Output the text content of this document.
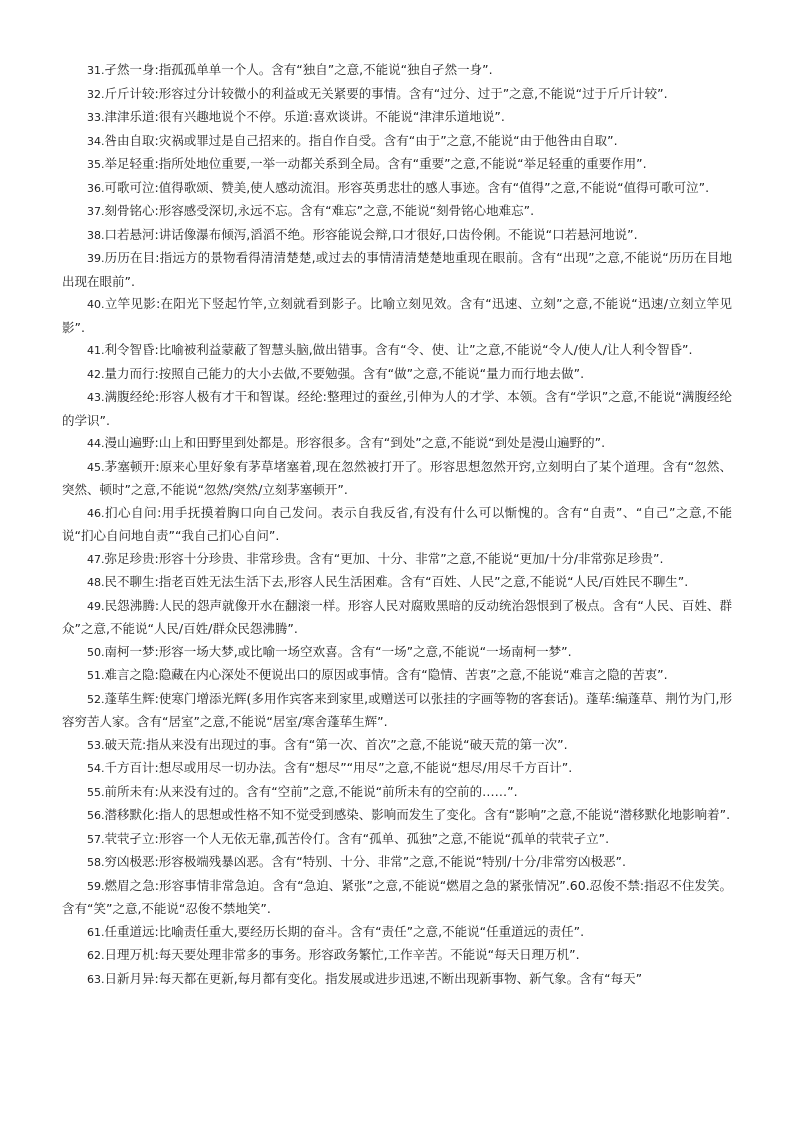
31.孑然一身:指孤孤单单一个人。含有“独自”之意,不能说“独自孑然一身”.

32.斤斤计较:形容过分计较微小的利益或无关紧要的事情。含有“过分、过于”之意,不能说“过于斤斤计较”.

33.津津乐道:很有兴趣地说个不停。乐道:喜欢谈讲。不能说“津津乐道地说”.

34.咎由自取:灾祸或罪过是自己招来的。指自作自受。含有“由于”之意,不能说“由于他咎由自取”.

35.举足轻重:指所处地位重要,一举一动都关系到全局。含有“重要”之意,不能说“举足轻重的重要作用”.

36.可歌可泣:值得歌颂、赞美,使人感动流泪。形容英勇悲壮的感人事迹。含有“值得”之意,不能说“值得可歌可泣”.

37.刻骨铭心:形容感受深切,永远不忘。含有“难忘”之意,不能说“刻骨铭心地难忘”.

38.口若悬河:讲话像瀑布倾泻,滔滔不绝。形容能说会辩,口才很好,口齿伶俐。不能说“口若悬河地说”.

39.历历在目:指远方的景物看得清清楚楚,或过去的事情清清楚楚地重现在眼前。含有“出现”之意,不能说“历历在目地出现在眼前”.

40.立竿见影:在阳光下竖起竹竿,立刻就看到影子。比喻立刻见效。含有“迅速、立刻”之意,不能说“迅速/立刻立竿见影”.

41.利令智昏:比喻被利益蒙蔽了智慧头脑,做出错事。含有“令、使、让”之意,不能说“令人/使人/让人利令智昏”.

42.量力而行:按照自己能力的大小去做,不要勉强。含有“做”之意,不能说“量力而行地去做”.

43.满腹经纶:形容人极有才干和智谋。经纶:整理过的蚕丝,引伸为人的才学、本领。含有“学识”之意,不能说“满腹经纶的学识”.

44.漫山遍野:山上和田野里到处都是。形容很多。含有“到处”之意,不能说“到处是漫山遍野的”.

45.茅塞顿开:原来心里好象有茅草堵塞着,现在忽然被打开了。形容思想忽然开窍,立刻明白了某个道理。含有“忽然、突然、顿时”之意,不能说“忽然/突然/立刻茅塞顿开”.

46.扪心自问:用手抚摸着胸口向自己发问。表示自我反省,有没有什么可以惭愧的。含有“自责”、“自己”之意,不能说“扪心自问地自责”“我自己扪心自问”.

47.弥足珍贵:形容十分珍贵、非常珍贵。含有“更加、十分、非常”之意,不能说“更加/十分/非常弥足珍贵”.

48.民不聊生:指老百姓无法生活下去,形容人民生活困难。含有“百姓、人民”之意,不能说“人民/百姓民不聊生”.

49.民怨沸腾:人民的怨声就像开水在翻滚一样。形容人民对腐败黑暗的反动统治怨恨到了极点。含有“人民、百姓、群众”之意,不能说“人民/百姓/群众民怨沸腾”.

50.南柯一梦:形容一场大梦,或比喻一场空欢喜。含有“一场”之意,不能说“一场南柯一梦”.

51.难言之隐:隐藏在内心深处不便说出口的原因或事情。含有“隐情、苦衷”之意,不能说“难言之隐的苦衷”.

52.蓬荜生辉:使寒门增添光辉(多用作宾客来到家里,或赠送可以张挂的字画等物的客套话)。蓬荜:编蓬草、荆竹为门,形容穷苦人家。含有“居室”之意,不能说“居室/寒舍蓬荜生辉”.

53.破天荒:指从来没有出现过的事。含有“第一次、首次”之意,不能说“破天荒的第一次”.

54.千方百计:想尽或用尽一切办法。含有“想尽”“用尽”之意,不能说“想尽/用尽千方百计”.

55.前所未有:从来没有过的。含有“空前”之意,不能说“前所未有的空前的……”.

56.潜移默化:指人的思想或性格不知不觉受到感染、影响而发生了变化。含有“影响”之意,不能说“潜移默化地影响着”.

57.茕茕孑立:形容一个人无依无靠,孤苦伶仃。含有“孤单、孤独”之意,不能说“孤单的茕茕孑立”.

58.穷凶极恶:形容极端残暴凶恶。含有“特别、十分、非常”之意,不能说“特别/十分/非常穷凶极恶”.

59.燃眉之急:形容事情非常急迫。含有“急迫、紧张”之意,不能说“燃眉之急的紧张情况”.60.忍俊不禁:指忍不住发笑。含有“笑”之意,不能说“忍俊不禁地笑”.

61.任重道远:比喻责任重大,要经历长期的奋斗。含有“责任”之意,不能说“任重道远的责任”.

62.日理万机:每天要处理非常多的事务。形容政务繁忙,工作辛苦。不能说“每天日理万机”.

63.日新月异:每天都在更新,每月都有变化。指发展或进步迅速,不断出现新事物、新气象。含有“每天”
